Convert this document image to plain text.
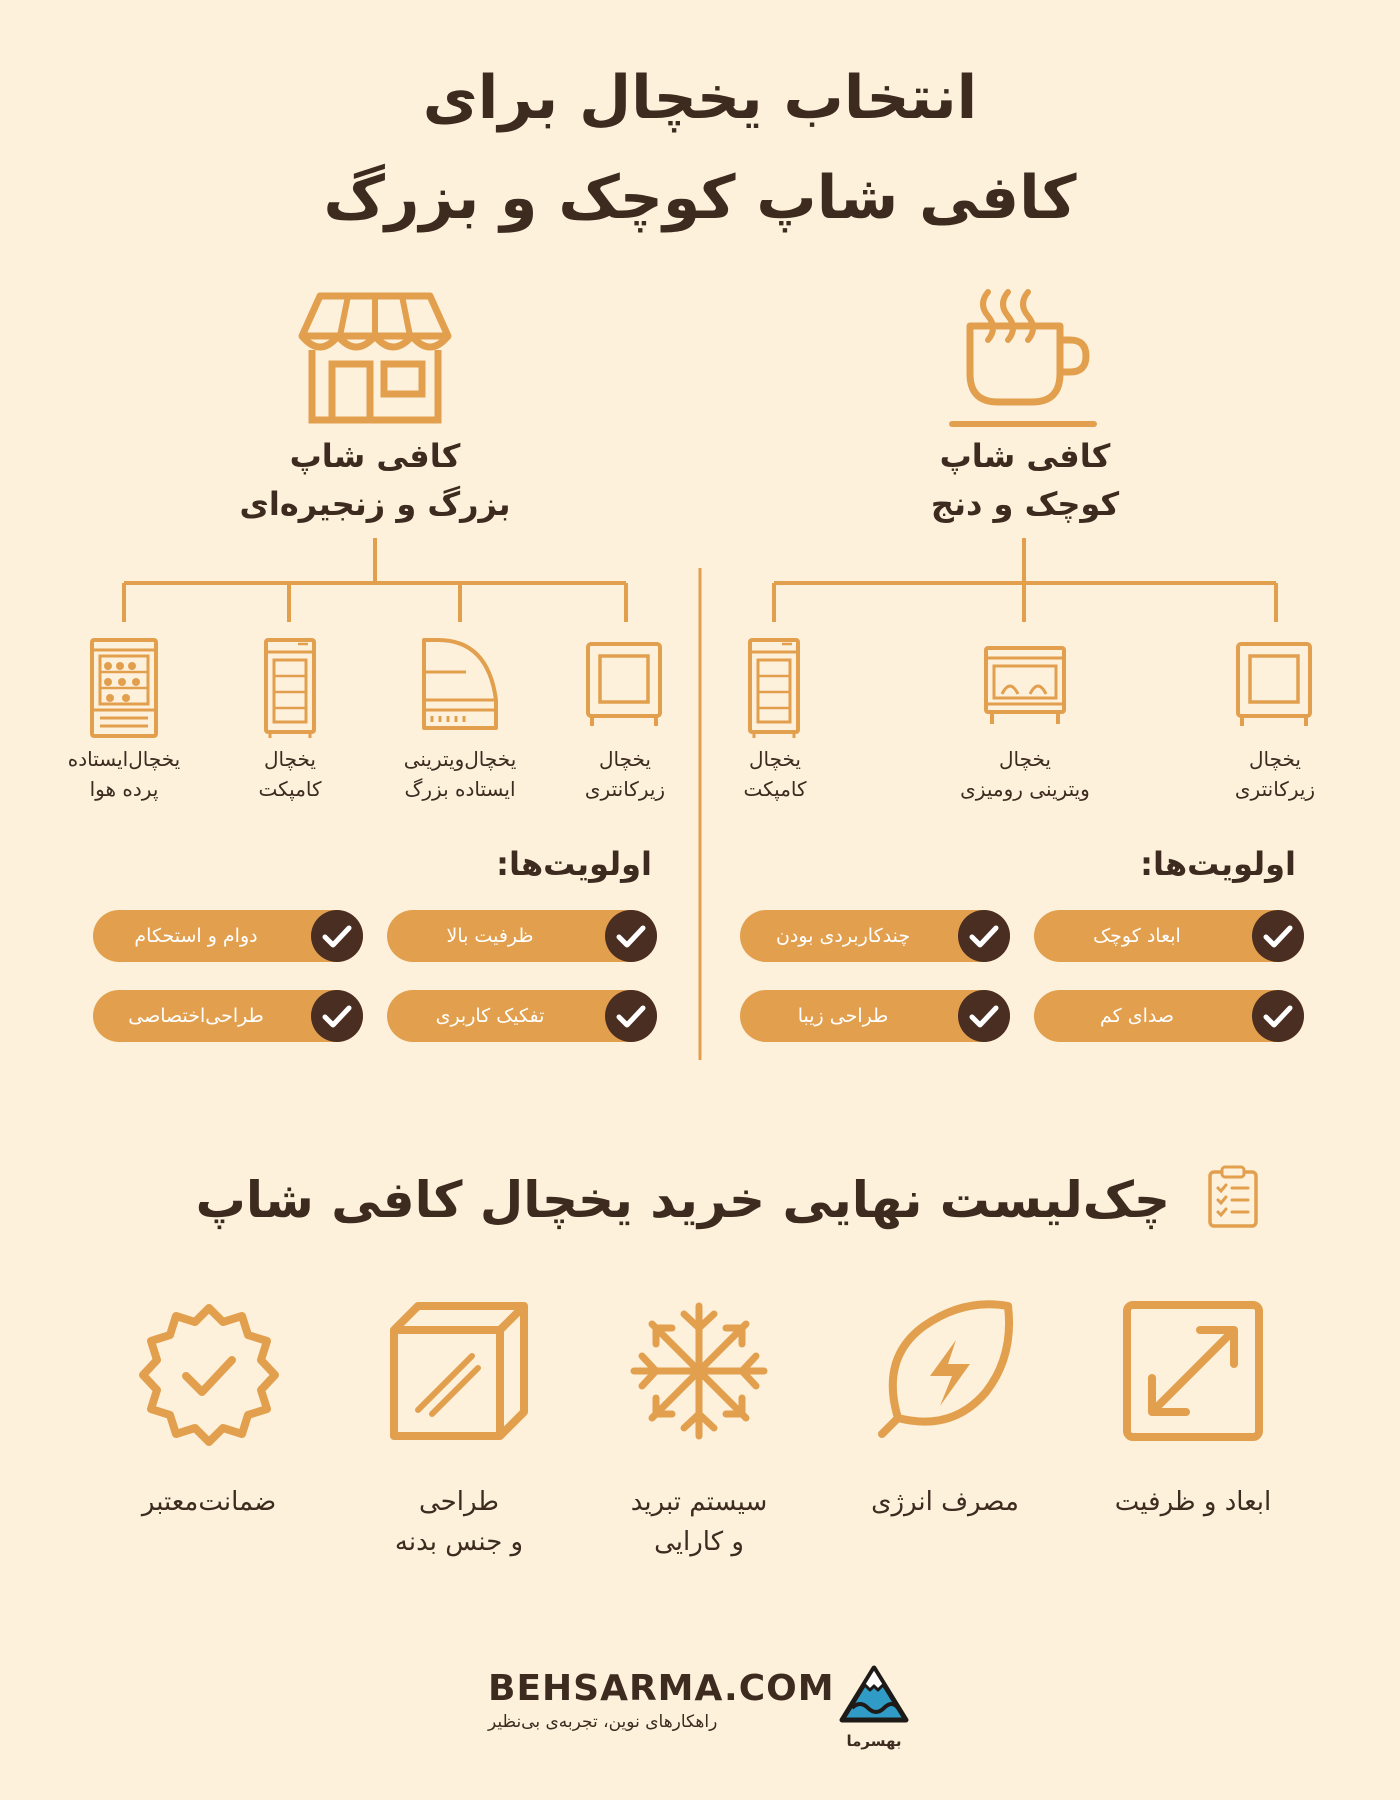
انتخاب یخچال برای
کافی شاپ کوچک و بزرگ
کافی شاپ
بزرگ و زنجیره‌ای
کافی شاپ
کوچک و دنج
یخچال
زیرکانتری
یخچال‌ویترینی
ایستاده بزرگ
یخچال
کامپکت
یخچال‌ایستاده
پرده هوا
یخچال
زیرکانتری
یخچال
ویترینی رومیزی
یخچال
کامپکت
اولویت‌ها:	اولویت‌ها:
ظرفیت بالا
دوام و استحکام
تفکیک کاربری
طراحی‌اختصاصی
ابعاد کوچک
چندکاربردی بودن
صدای کم
طراحی زیبا
چک‌لیست نهایی خرید یخچال کافی شاپ
ابعاد و ظرفیت
مصرف انرژی
سیستم تبرید
و کارایی
طراحی
و جنس بدنه
ضمانت‌معتبر
BEHSARMA.COM
راهکارهای نوین، تجربه‌ی بی‌نظیر
بهسرما
